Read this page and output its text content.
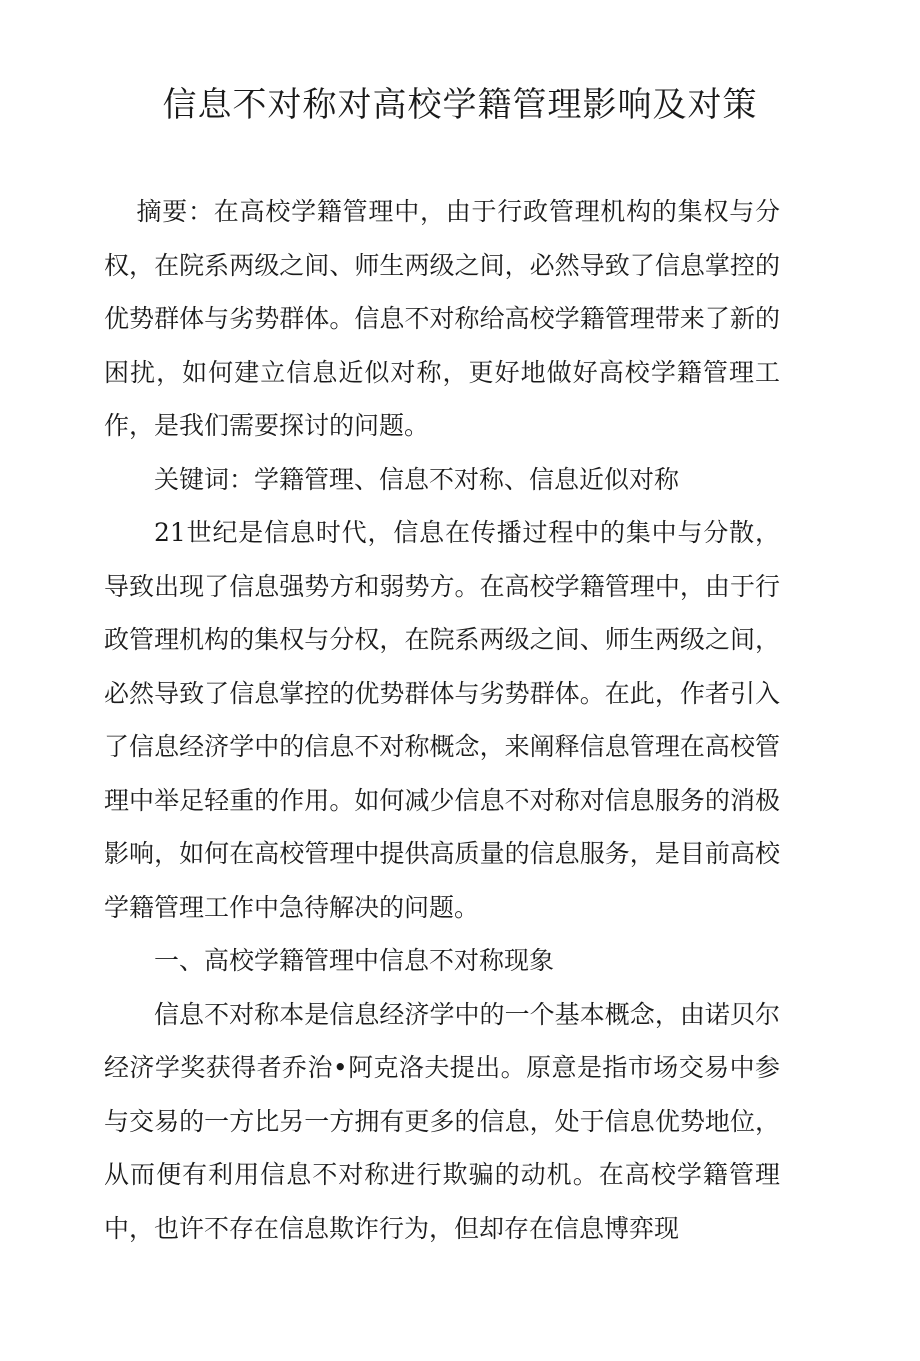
信息不对称对高校学籍管理影响及对策

摘要：在高校学籍管理中，由于行政管理机构的集权与分权，在院系两级之间、师生两级之间，必然导致了信息掌控的优势群体与劣势群体。信息不对称给高校学籍管理带来了新的困扰，如何建立信息近似对称，更好地做好高校学籍管理工作，是我们需要探讨的问题。

关键词：学籍管理、信息不对称、信息近似对称

21世纪是信息时代，信息在传播过程中的集中与分散，导致出现了信息强势方和弱势方。在高校学籍管理中，由于行政管理机构的集权与分权，在院系两级之间、师生两级之间，必然导致了信息掌控的优势群体与劣势群体。在此，作者引入了信息经济学中的信息不对称概念，来阐释信息管理在高校管理中举足轻重的作用。如何减少信息不对称对信息服务的消极影响，如何在高校管理中提供高质量的信息服务，是目前高校学籍管理工作中急待解决的问题。

一、高校学籍管理中信息不对称现象

信息不对称本是信息经济学中的一个基本概念，由诺贝尔经济学奖获得者乔治•阿克洛夫提出。原意是指市场交易中参与交易的一方比另一方拥有更多的信息，处于信息优势地位，从而便有利用信息不对称进行欺骗的动机。在高校学籍管理中，也许不存在信息欺诈行为，但却存在信息博弈现
